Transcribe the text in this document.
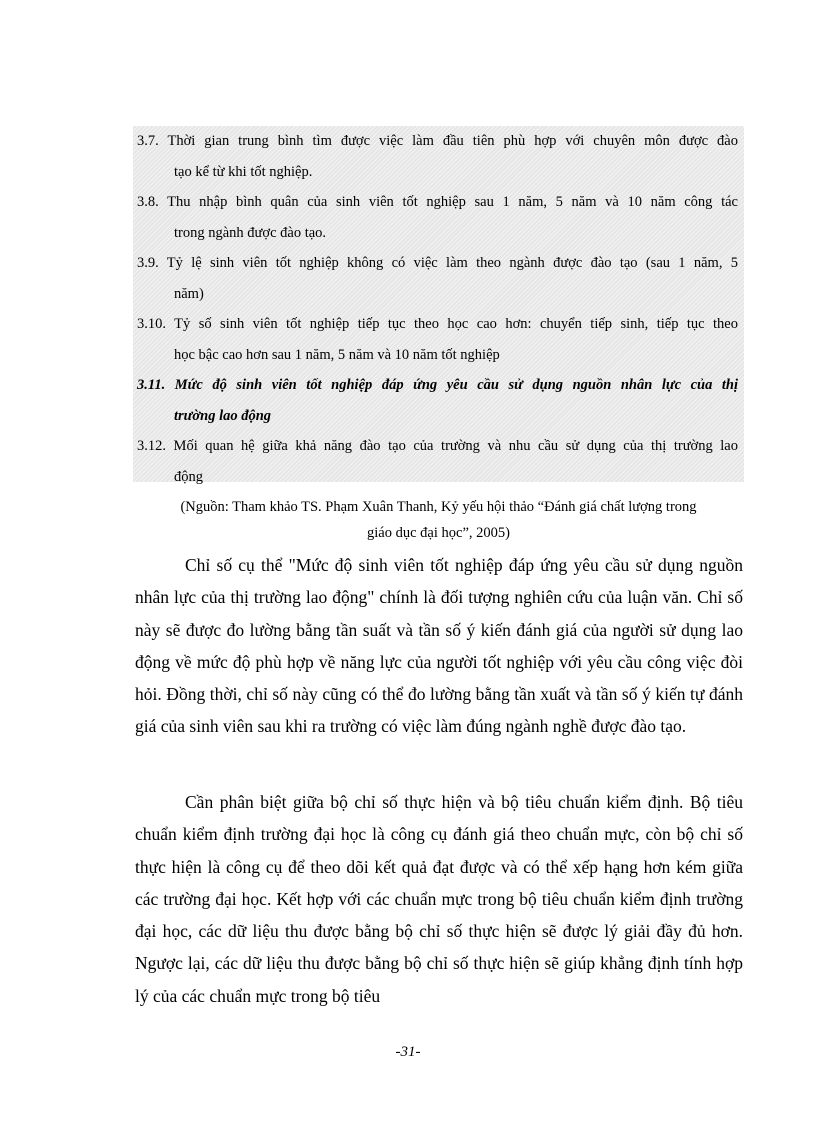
3.7. Thời gian trung bình tìm được việc làm đầu tiên phù hợp với chuyên môn được đào
tạo kể từ khi tốt nghiệp.
3.8. Thu nhập bình quân của sinh viên tốt nghiệp sau 1 năm, 5 năm và 10 năm công tác
trong ngành được đào tạo.
3.9. Tỷ lệ sinh viên tốt nghiệp không có việc làm theo ngành được đào tạo (sau 1 năm, 5
năm)
3.10. Tỷ số sinh viên tốt nghiệp tiếp tục theo học cao hơn: chuyển tiếp sinh, tiếp tục theo
học bậc cao hơn sau 1 năm, 5 năm và 10 năm tốt nghiệp
3.11. Mức độ sinh viên tốt nghiệp đáp ứng yêu cầu sử dụng nguồn nhân lực của thị
trường lao động
3.12. Mối quan hệ giữa khả năng đào tạo của trường và nhu cầu sử dụng của thị trường lao
động
(Nguồn: Tham khảo TS. Phạm Xuân Thanh, Kỷ yếu hội thảo “Đánh giá chất lượng trong
giáo dục đại học”, 2005)

Chỉ số cụ thể "Mức độ sinh viên tốt nghiệp đáp ứng yêu cầu sử dụng nguồn nhân lực của thị trường lao động" chính là đối tượng nghiên cứu của luận văn. Chỉ số này sẽ được đo lường bằng tần suất và tần số ý kiến đánh giá của người sử dụng lao động về mức độ phù hợp về năng lực của người tốt nghiệp với yêu cầu công việc đòi hỏi. Đồng thời, chỉ số này cũng có thể đo lường bằng tần xuất và tần số ý kiến tự đánh giá của sinh viên sau khi ra trường có việc làm đúng ngành nghề được đào tạo.

Cần phân biệt giữa bộ chỉ số thực hiện và bộ tiêu chuẩn kiểm định. Bộ tiêu chuẩn kiểm định trường đại học là công cụ đánh giá theo chuẩn mực, còn bộ chỉ số thực hiện là công cụ để theo dõi kết quả đạt được và có thể xếp hạng hơn kém giữa các trường đại học. Kết hợp với các chuẩn mực trong bộ tiêu chuẩn kiểm định trường đại học, các dữ liệu thu được bằng bộ chỉ số thực hiện sẽ được lý giải đầy đủ hơn. Ngược lại, các dữ liệu thu được bằng bộ chỉ số thực hiện sẽ giúp khẳng định tính hợp lý của các chuẩn mực trong bộ tiêu

-31-
